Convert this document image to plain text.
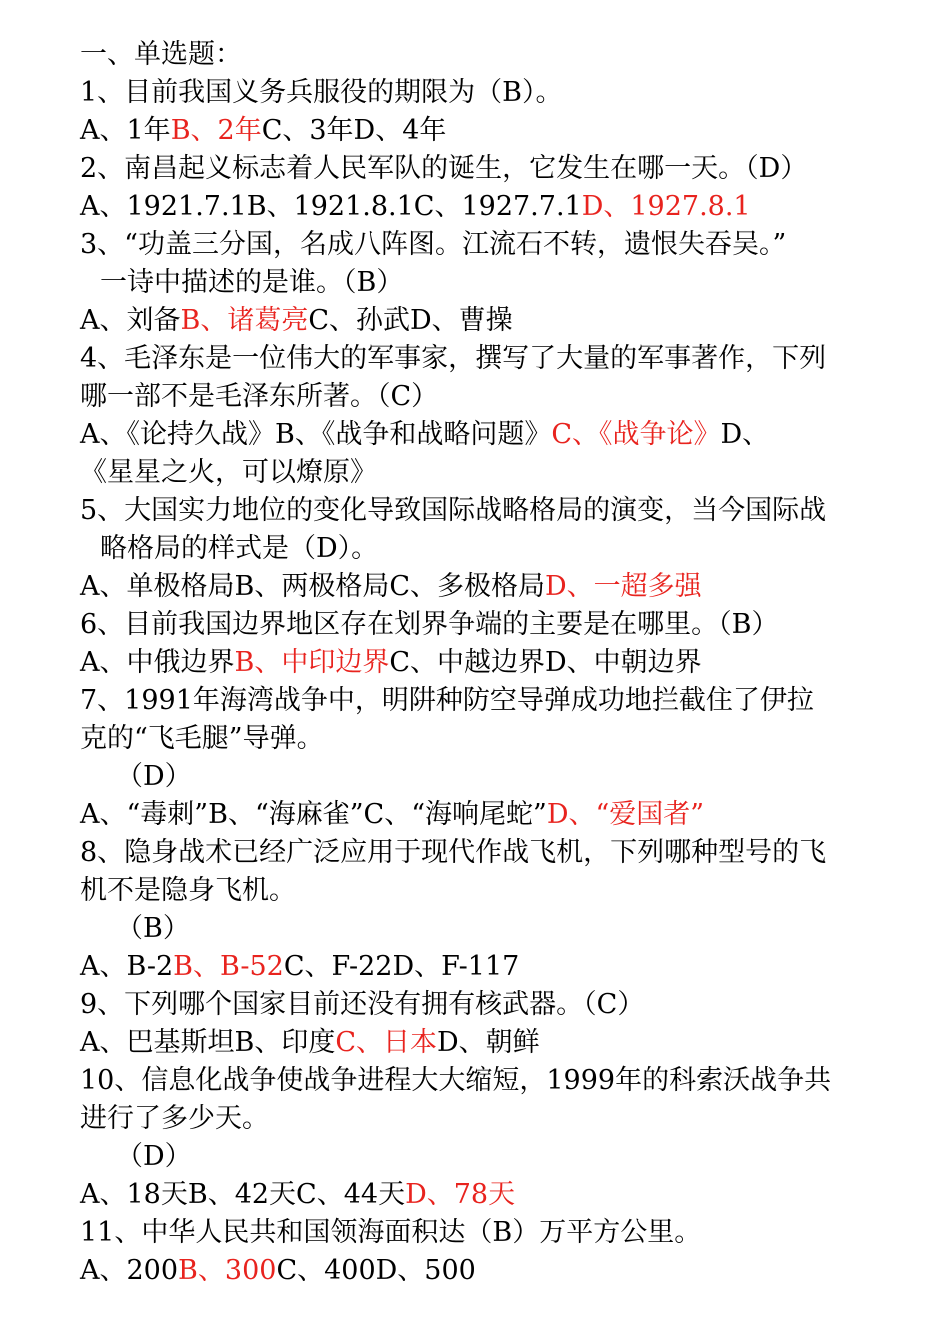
一、单选题：
1、目前我国义务兵服役的期限为（B）。
A、1年B、2年C、3年D、4年
2、南昌起义标志着人民军队的诞生，它发生在哪一天。（D）
A、1921.7.1B、1921.8.1C、1927.7.1D、1927.8.1
3、“功盖三分国，名成八阵图。江流石不转，遗恨失吞吴。”
一诗中描述的是谁。（B）
A、刘备B、诸葛亮C、孙武D、曹操
4、毛泽东是一位伟大的军事家，撰写了大量的军事著作，下列
哪一部不是毛泽东所著。（C）
A、《论持久战》B、《战争和战略问题》C、《战争论》D、
《星星之火，可以燎原》
5、大国实力地位的变化导致国际战略格局的演变，当今国际战
略格局的样式是（D）。
A、单极格局B、两极格局C、多极格局D、一超多强
6、目前我国边界地区存在划界争端的主要是在哪里。（B）
A、中俄边界B、中印边界C、中越边界D、中朝边界
7、1991年海湾战争中，明阱种防空导弹成功地拦截住了伊拉
克的“飞毛腿”导弹。
（D）
A、“毒刺”B、“海麻雀”C、“海响尾蛇”D、“爱国者”
8、隐身战术已经广泛应用于现代作战飞机，下列哪种型号的飞
机不是隐身飞机。
（B）
A、B-2B、B-52C、F-22D、F-117
9、下列哪个国家目前还没有拥有核武器。（C）
A、巴基斯坦B、印度C、日本D、朝鲜
10、信息化战争使战争进程大大缩短，1999年的科索沃战争共
进行了多少天。
（D）
A、18天B、42天C、44天D、78天
11、中华人民共和国领海面积达（B）万平方公里。
A、200B、300C、400D、500
